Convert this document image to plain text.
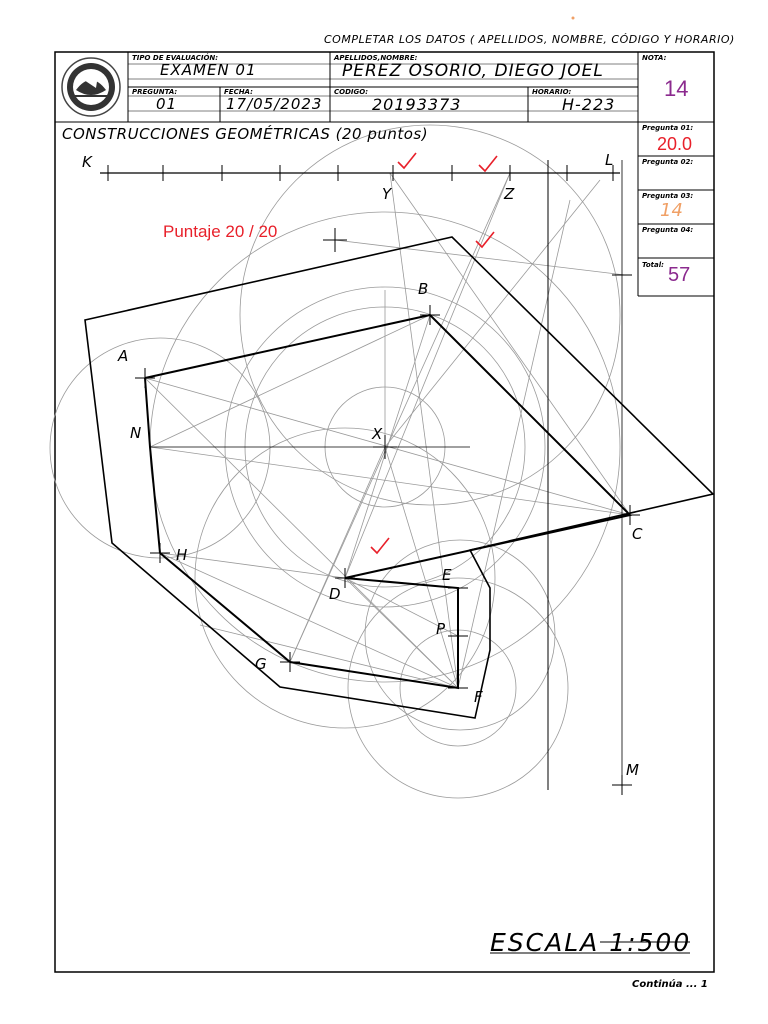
COMPLETAR LOS DATOS ( APELLIDOS, NOMBRE, CÓDIGO Y HORARIO)
TIPO DE EVALUACIÓN:
EXAMEN 01
APELLIDOS,NOMBRE:
PEREZ OSORIO, DIEGO JOEL
NOTA:
14
PREGUNTA:
01
FECHA:
17/05/2023
CODIGO:
20193373
HORARIO:
H-223
CONSTRUCCIONES GEOMÉTRICAS (20 puntos)	Pregunta 01:
20.0
Pregunta 02:
Pregunta 03:
14
Pregunta 04:
Total: 57
Puntaje 20 / 20
K	L
Y	Z
B
A
N	X
C
H
D
E
P
G
F
M
ESCALA 1:500
Continúa ... 1
